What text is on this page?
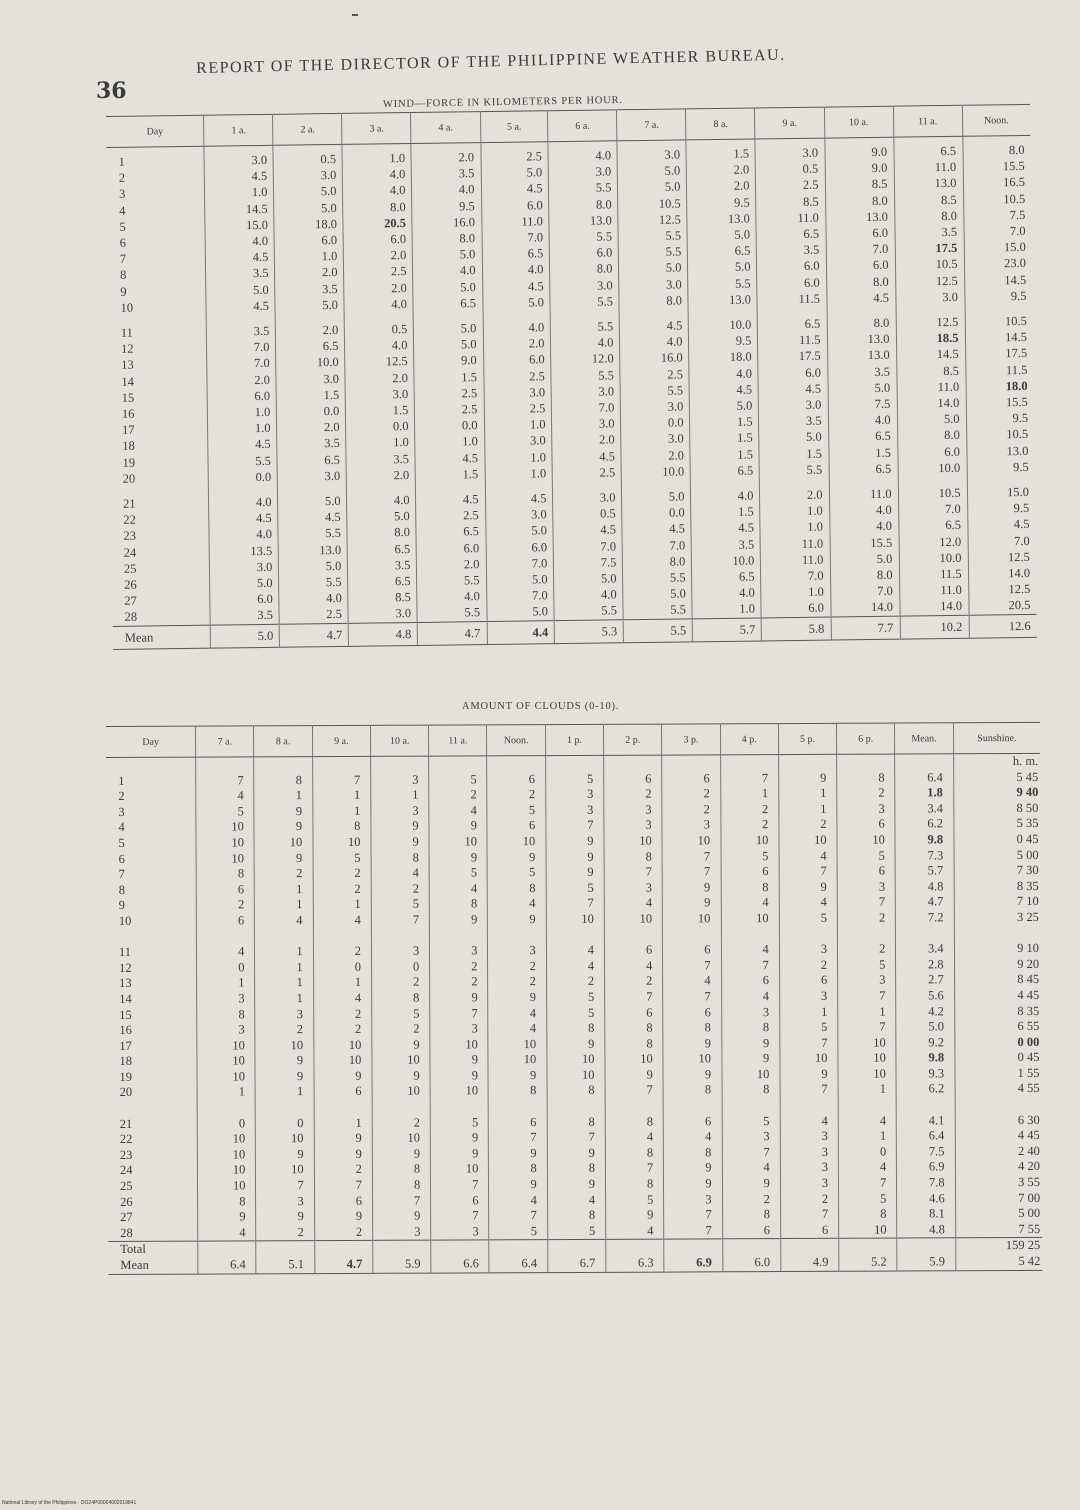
36
REPORT OF THE DIRECTOR OF THE PHILIPPINE WEATHER BUREAU.
WIND—FORCE IN KILOMETERS PER HOUR.
Day	1 a.	2 a.	3 a.	4 a.	5 a.	6 a.	7 a.	8 a.	9 a.	10 a.	11 a.	Noon.
1	3.0	0.5	1.0	2.0	2.5	4.0	3.0	1.5	3.0	9.0	6.5	8.0
2	4.5	3.0	4.0	3.5	5.0	3.0	5.0	2.0	0.5	9.0	11.0	15.5
3	1.0	5.0	4.0	4.0	4.5	5.5	5.0	2.0	2.5	8.5	13.0	16.5
4	14.5	5.0	8.0	9.5	6.0	8.0	10.5	9.5	8.5	8.0	8.5	10.5
5	15.0	18.0	20.5	16.0	11.0	13.0	12.5	13.0	11.0	13.0	8.0	7.5
6	4.0	6.0	6.0	8.0	7.0	5.5	5.5	5.0	6.5	6.0	3.5	7.0
7	4.5	1.0	2.0	5.0	6.5	6.0	5.5	6.5	3.5	7.0	17.5	15.0
8	3.5	2.0	2.5	4.0	4.0	8.0	5.0	5.0	6.0	6.0	10.5	23.0
9	5.0	3.5	2.0	5.0	4.5	3.0	3.0	5.5	6.0	8.0	12.5	14.5
10	4.5	5.0	4.0	6.5	5.0	5.5	8.0	13.0	11.5	4.5	3.0	9.5

11	3.5	2.0	0.5	5.0	4.0	5.5	4.5	10.0	6.5	8.0	12.5	10.5
12	7.0	6.5	4.0	5.0	2.0	4.0	4.0	9.5	11.5	13.0	18.5	14.5
13	7.0	10.0	12.5	9.0	6.0	12.0	16.0	18.0	17.5	13.0	14.5	17.5
14	2.0	3.0	2.0	1.5	2.5	5.5	2.5	4.0	6.0	3.5	8.5	11.5
15	6.0	1.5	3.0	2.5	3.0	3.0	5.5	4.5	4.5	5.0	11.0	18.0
16	1.0	0.0	1.5	2.5	2.5	7.0	3.0	5.0	3.0	7.5	14.0	15.5
17	1.0	2.0	0.0	0.0	1.0	3.0	0.0	1.5	3.5	4.0	5.0	9.5
18	4.5	3.5	1.0	1.0	3.0	2.0	3.0	1.5	5.0	6.5	8.0	10.5
19	5.5	6.5	3.5	4.5	1.0	4.5	2.0	1.5	1.5	1.5	6.0	13.0
20	0.0	3.0	2.0	1.5	1.0	2.5	10.0	6.5	5.5	6.5	10.0	9.5

21	4.0	5.0	4.0	4.5	4.5	3.0	5.0	4.0	2.0	11.0	10.5	15.0
22	4.5	4.5	5.0	2.5	3.0	0.5	0.0	1.5	1.0	4.0	7.0	9.5
23	4.0	5.5	8.0	6.5	5.0	4.5	4.5	4.5	1.0	4.0	6.5	4.5
24	13.5	13.0	6.5	6.0	6.0	7.0	7.0	3.5	11.0	15.5	12.0	7.0
25	3.0	5.0	3.5	2.0	7.0	7.5	8.0	10.0	11.0	5.0	10.0	12.5
26	5.0	5.5	6.5	5.5	5.0	5.0	5.5	6.5	7.0	8.0	11.5	14.0
27	6.0	4.0	8.5	4.0	7.0	4.0	5.0	4.0	1.0	7.0	11.0	12.5
28	3.5	2.5	3.0	5.5	5.0	5.5	5.5	1.0	6.0	14.0	14.0	20.5
Mean	5.0	4.7	4.8	4.7	4.4	5.3	5.5	5.7	5.8	7.7	10.2	12.6
AMOUNT OF CLOUDS (0-10).
Day	7 a.	8 a.	9 a.	10 a.	11 a.	Noon.	1 p.	2 p.	3 p.	4 p.	5 p.	6 p.	Mean.	Sunshine.
														h. m.
1	7	8	7	3	5	6	5	6	6	7	9	8	6.4	5 45
2	4	1	1	1	2	2	3	2	2	1	1	2	1.8	9 40
3	5	9	1	3	4	5	3	3	2	2	1	3	3.4	8 50
4	10	9	8	9	9	6	7	3	3	2	2	6	6.2	5 35
5	10	10	10	9	10	10	9	10	10	10	10	10	9.8	0 45
6	10	9	5	8	9	9	9	8	7	5	4	5	7.3	5 00
7	8	2	2	4	5	5	9	7	7	6	7	6	5.7	7 30
8	6	1	2	2	4	8	5	3	9	8	9	3	4.8	8 35
9	2	1	1	5	8	4	7	4	9	4	4	7	4.7	7 10
10	6	4	4	7	9	9	10	10	10	10	5	2	7.2	3 25

11	4	1	2	3	3	3	4	6	6	4	3	2	3.4	9 10
12	0	1	0	0	2	2	4	4	7	7	2	5	2.8	9 20
13	1	1	1	2	2	2	2	2	4	6	6	3	2.7	8 45
14	3	1	4	8	9	9	5	7	7	4	3	7	5.6	4 45
15	8	3	2	5	7	4	5	6	6	3	1	1	4.2	8 35
16	3	2	2	2	3	4	8	8	8	8	5	7	5.0	6 55
17	10	10	10	9	10	10	9	8	9	9	7	10	9.2	0 00
18	10	9	10	10	9	10	10	10	10	9	10	10	9.8	0 45
19	10	9	9	9	9	9	10	9	9	10	9	10	9.3	1 55
20	1	1	6	10	10	8	8	7	8	8	7	1	6.2	4 55

21	0	0	1	2	5	6	8	8	6	5	4	4	4.1	6 30
22	10	10	9	10	9	7	7	4	4	3	3	1	6.4	4 45
23	10	9	9	9	9	9	9	8	8	7	3	0	7.5	2 40
24	10	10	2	8	10	8	8	7	9	4	3	4	6.9	4 20
25	10	7	7	8	7	9	9	8	9	9	3	7	7.8	3 55
26	8	3	6	7	6	4	4	5	3	2	2	5	4.6	7 00
27	9	9	9	9	7	7	8	9	7	8	7	8	8.1	5 00
28	4	2	2	3	3	5	5	4	7	6	6	10	4.8	7 55
Total														159 25
Mean	6.4	5.1	4.7	5.9	6.6	6.4	6.7	6.3	6.9	6.0	4.9	5.2	5.9	5 42
National Library of the Philippines · DO24P00004002019841
